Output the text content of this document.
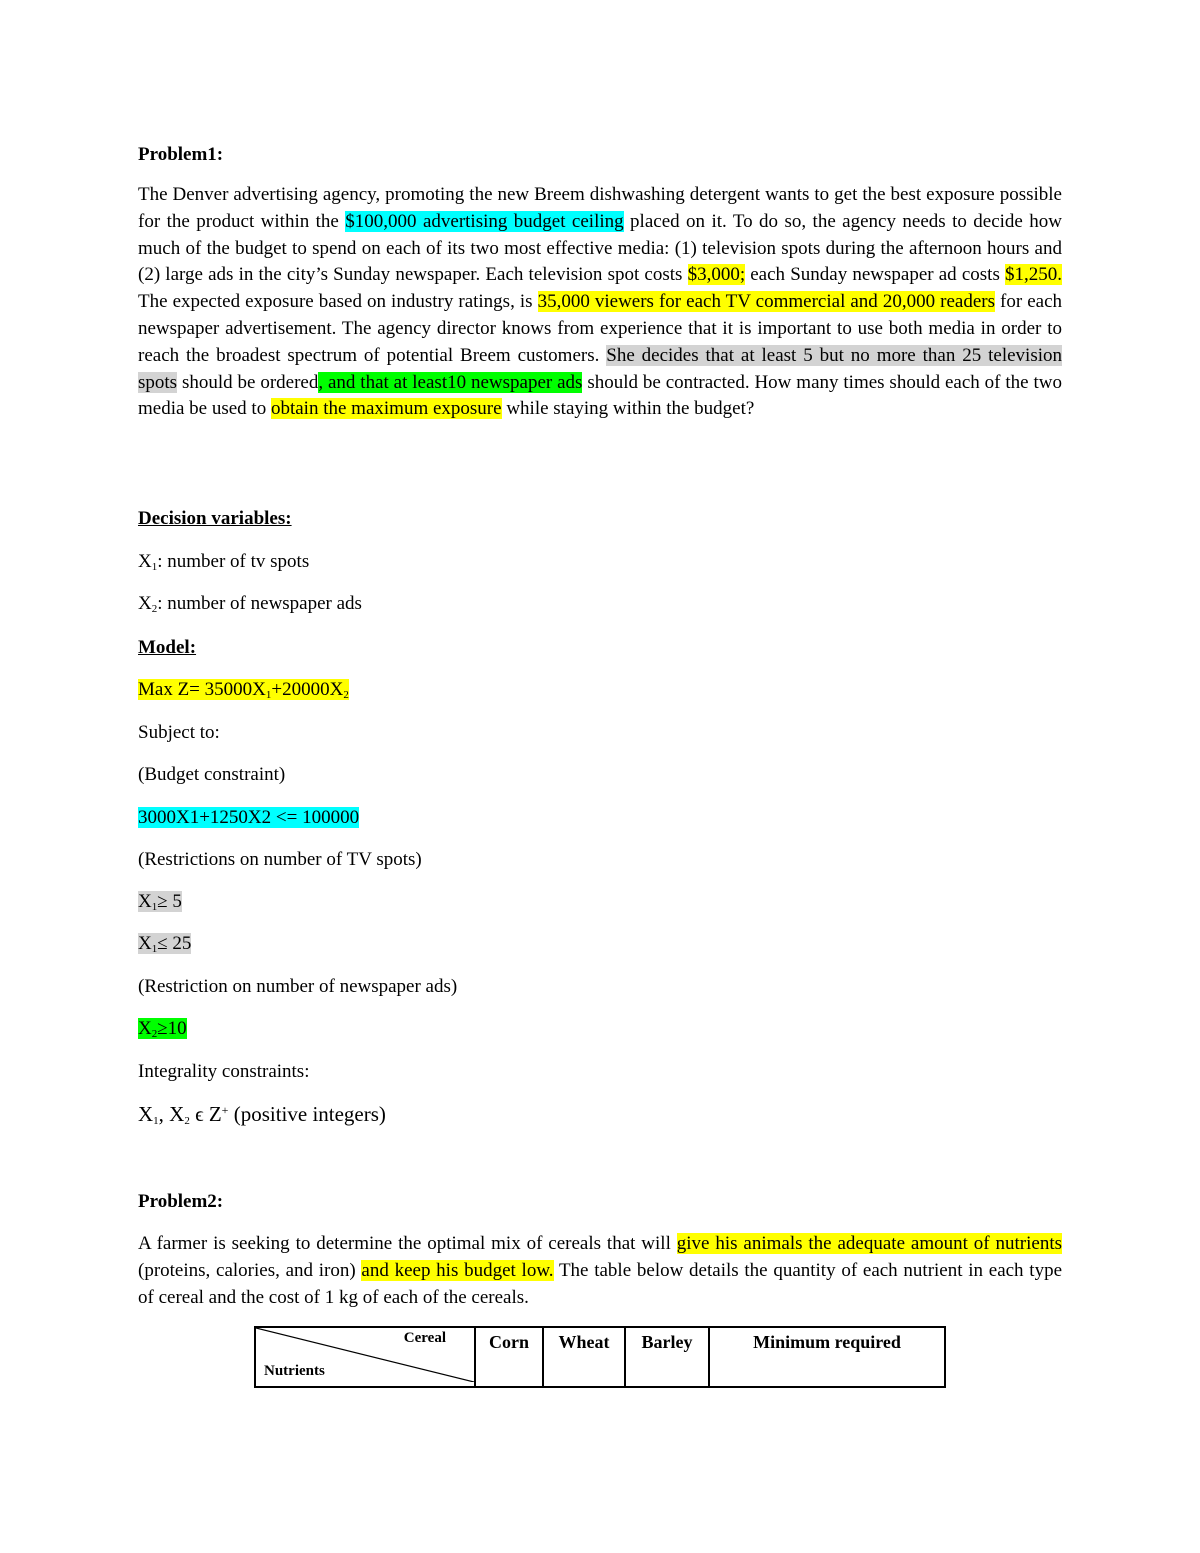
Problem1:

The Denver advertising agency, promoting the new Breem dishwashing detergent wants to get the best exposure possible for the product within the $100,000 advertising budget ceiling placed on it. To do so, the agency needs to decide how much of the budget to spend on each of its two most effective media: (1) television spots during the afternoon hours and (2) large ads in the city’s Sunday newspaper. Each television spot costs $3,000; each Sunday newspaper ad costs $1,250. The expected exposure based on industry ratings, is 35,000 viewers for each TV commercial and 20,000 readers for each newspaper advertisement. The agency director knows from experience that it is important to use both media in order to reach the broadest spectrum of potential Breem customers. She decides that at least 5 but no more than 25 television spots should be ordered, and that at least10 newspaper ads should be contracted. How many times should each of the two media be used to obtain the maximum exposure while staying within the budget?

Decision variables:
$X_1$: number of tv spots
$X_2$: number of newspaper ads
Model:
Max $Z= 35000X_1+20000X_2$
Subject to:
(Budget constraint)
3000X1+1250X2 <= 100000
(Restrictions on number of TV spots)
$X_1\ge 5$
$X_1\le 25$
(Restriction on number of newspaper ads)
$X_2\ge 10$
Integrality constraints:
$X_1$, $X_2$ ϵ Z+ (positive integers)
Problem2:

A farmer is seeking to determine the optimal mix of cereals that will give his animals the adequate amount of nutrients (proteins, calories, and iron) and keep his budget low. The table below details the quantity of each nutrient in each type of cereal and the cost of 1 kg of each of the cereals.

Cereal
Nutrients
	Corn	Wheat	Barley	Minimum required
